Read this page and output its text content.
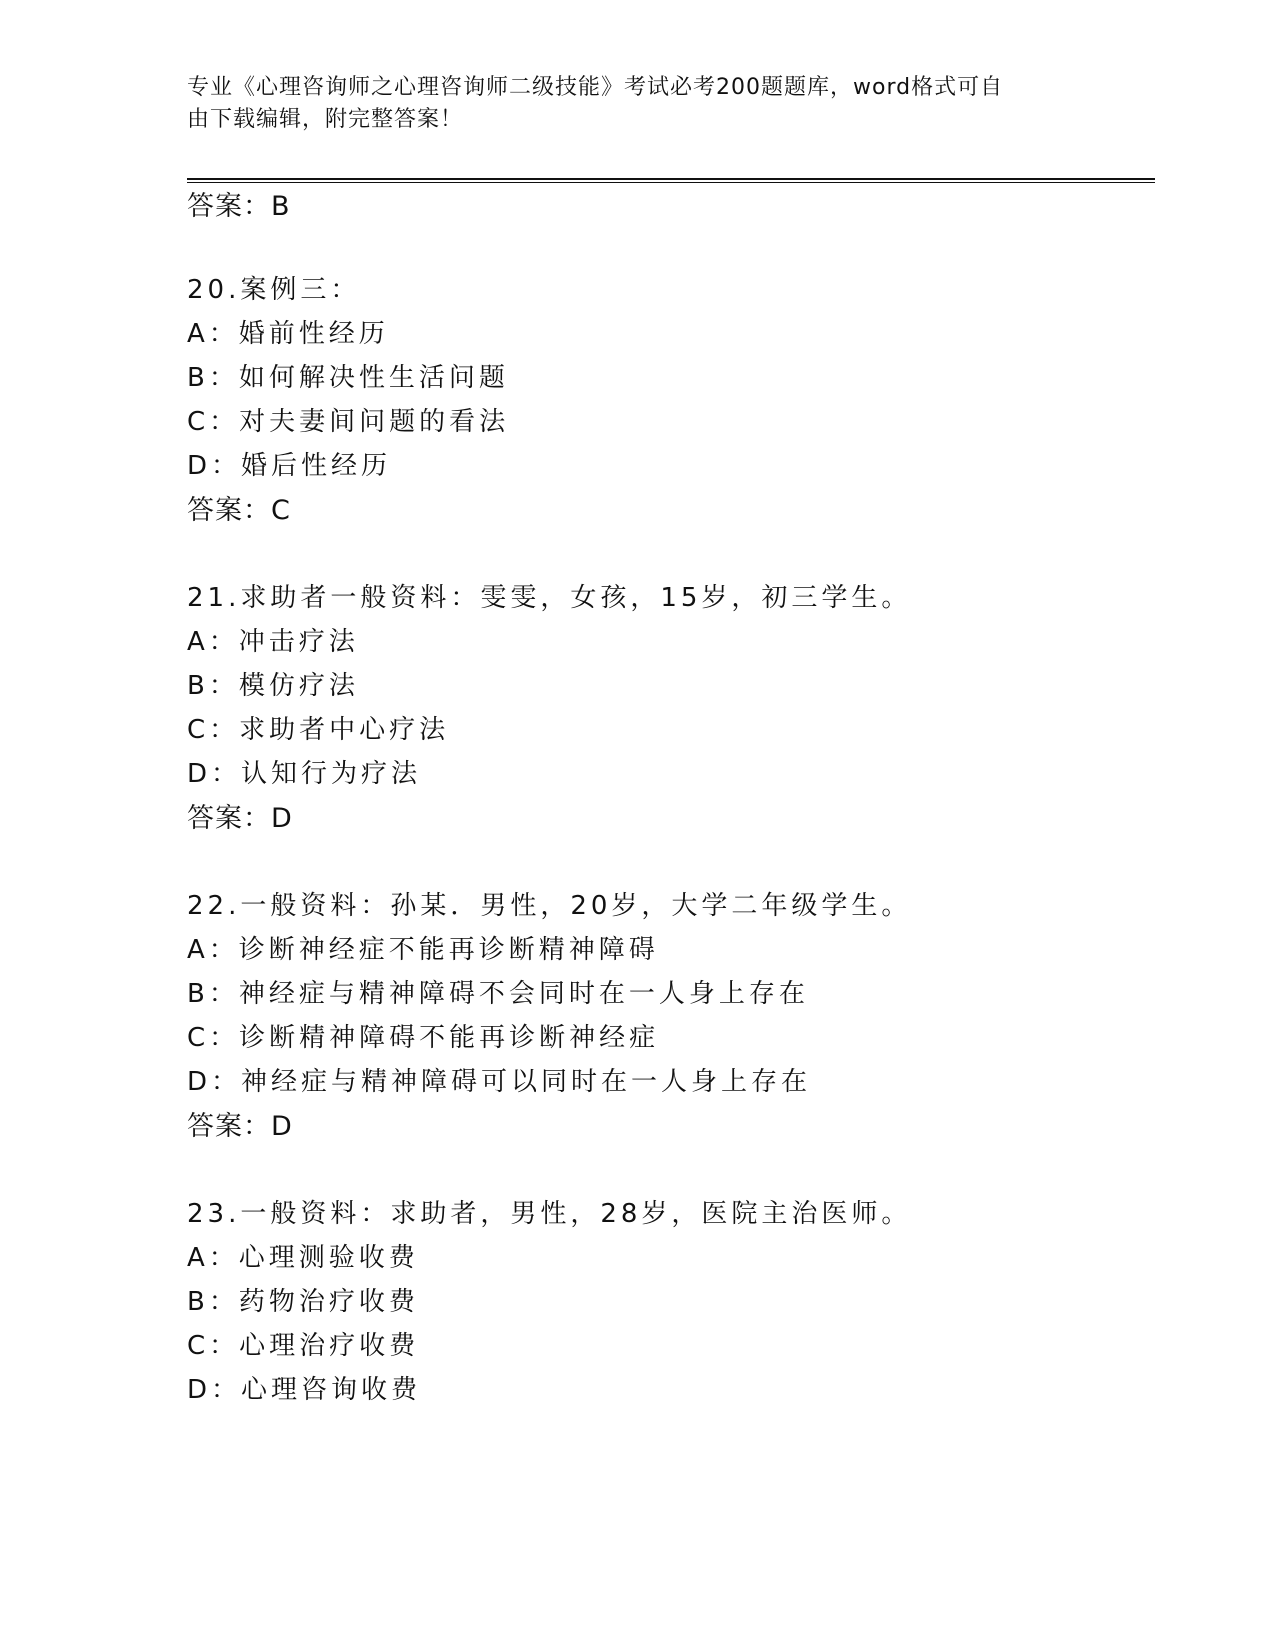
专业《心理咨询师之心理咨询师二级技能》考试必考200题题库，word格式可自
由下载编辑，附完整答案！
答案：B
20.案例三：
A：婚前性经历
B：如何解决性生活问题
C：对夫妻间问题的看法
D：婚后性经历
答案：C
21.求助者一般资料：雯雯，女孩，15岁，初三学生。
A：冲击疗法
B：模仿疗法
C：求助者中心疗法
D：认知行为疗法
答案：D
22.一般资料：孙某．男性，20岁，大学二年级学生。
A：诊断神经症不能再诊断精神障碍
B：神经症与精神障碍不会同时在一人身上存在
C：诊断精神障碍不能再诊断神经症
D：神经症与精神障碍可以同时在一人身上存在
答案：D
23.一般资料：求助者，男性，28岁，医院主治医师。
A：心理测验收费
B：药物治疗收费
C：心理治疗收费
D：心理咨询收费
